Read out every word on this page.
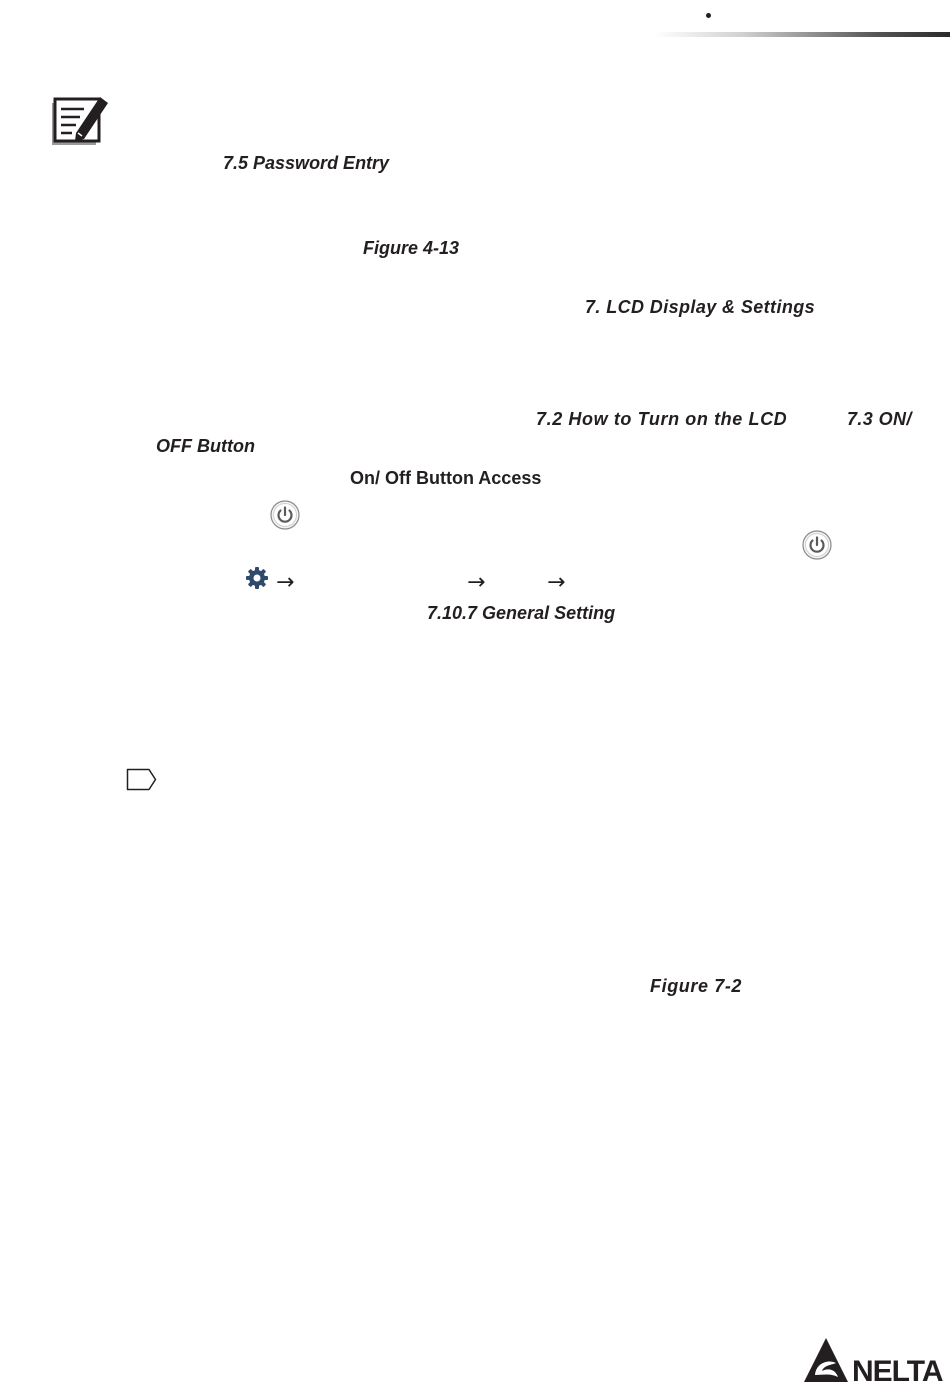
7.5 Password Entry
Figure 4-13
7. LCD Display & Settings
7.2 How to Turn on the LCD	7.3 ON/
OFF Button
On/ Off Button Access
→	→	→
7.10.7 General Setting
Figure 7-2
NELTA
